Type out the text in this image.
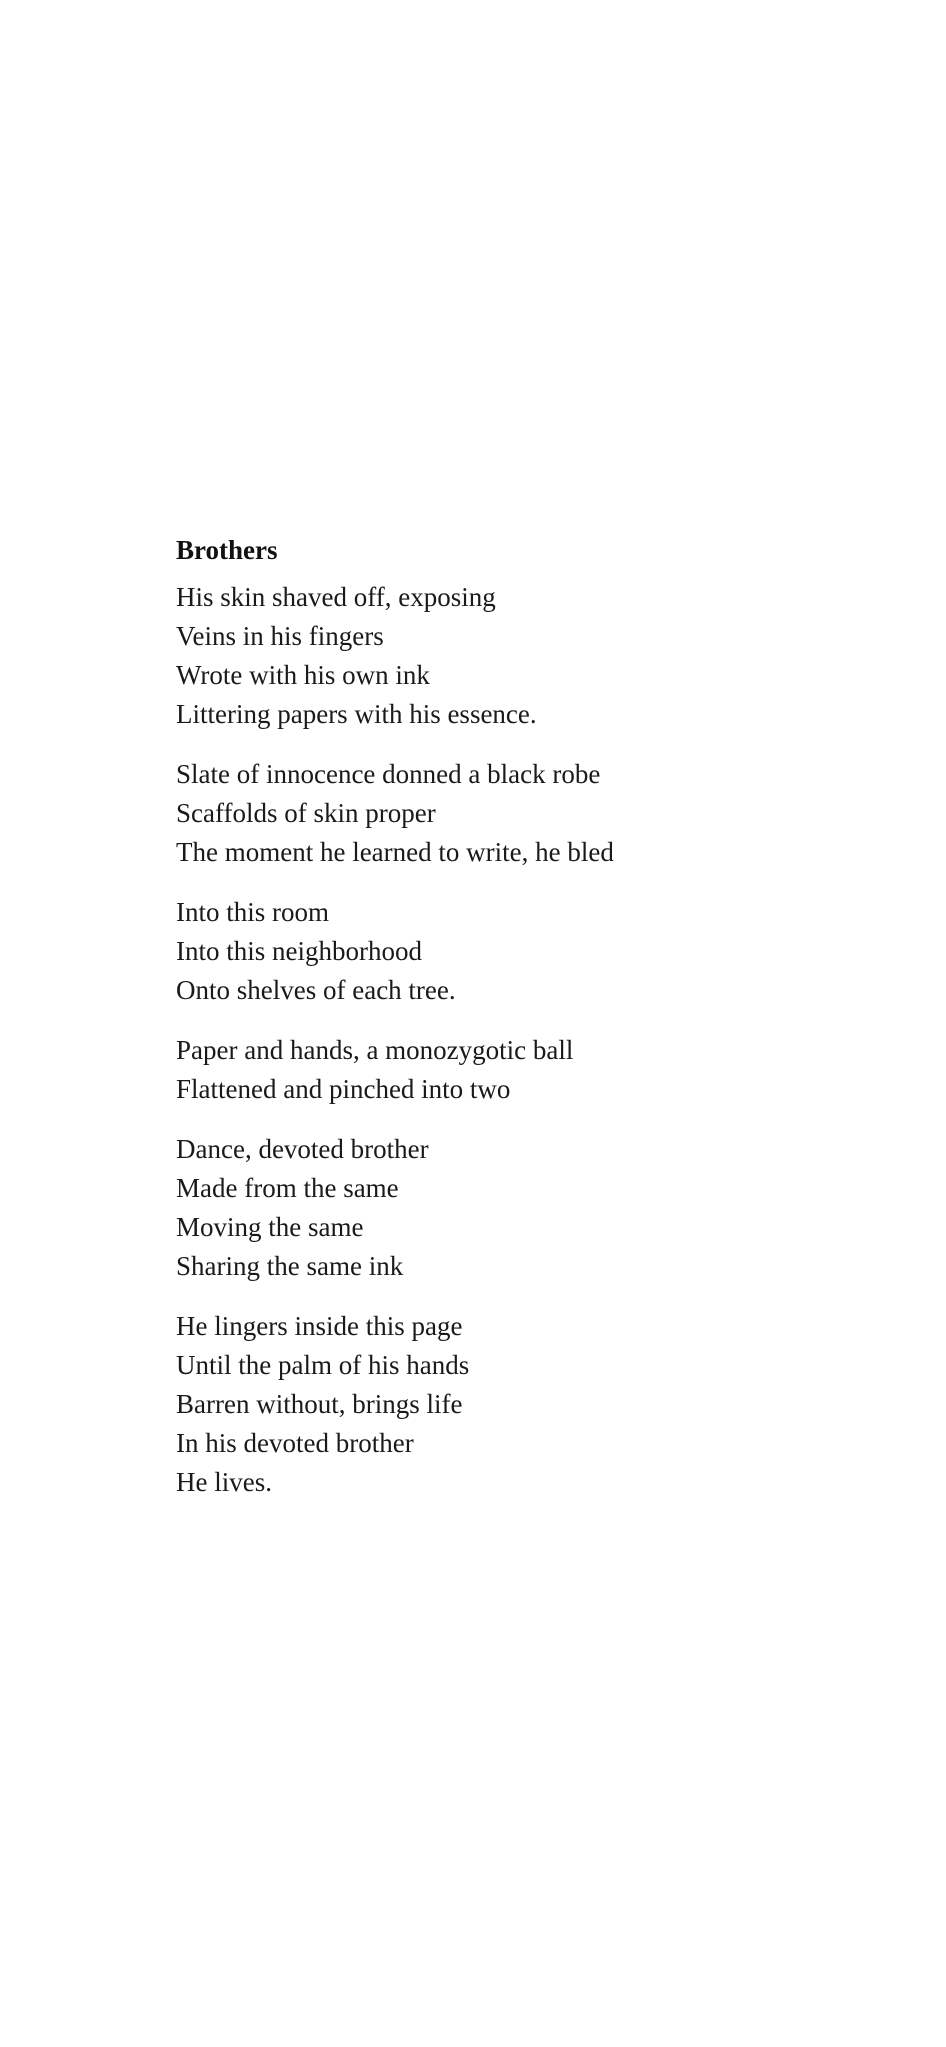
Brothers
His skin shaved off, exposing
Veins in his fingers
Wrote with his own ink
Littering papers with his essence.
Slate of innocence donned a black robe
Scaffolds of skin proper
The moment he learned to write, he bled
Into this room
Into this neighborhood
Onto shelves of each tree.
Paper and hands, a monozygotic ball
Flattened and pinched into two
Dance, devoted brother
Made from the same
Moving the same
Sharing the same ink
He lingers inside this page
Until the palm of his hands
Barren without, brings life
In his devoted brother
He lives.
